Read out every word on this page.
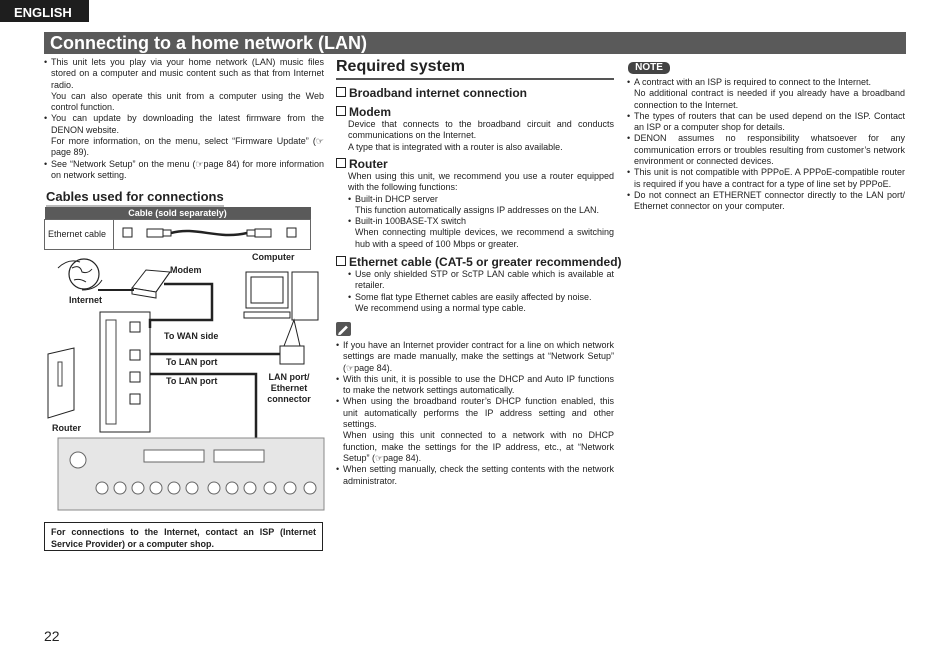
ENGLISH
Connecting to a home network (LAN)
• This unit lets you play via your home network (LAN) music files stored on a computer and music content such as that from Internet radio.
You can also operate this unit from a computer using the Web control function.
• You can update by downloading the latest firmware from the DENON website.
For more information, on the menu, select “Firmware Update” (☞page 89).
• See “Network Setup” on the menu (☞page 84) for more information on network setting.
Cables used for connections
Cable (sold separately)
Ethernet cable	
Modem
Computer
Internet
To WAN side
To LAN port
To LAN port	LAN port/ Ethernet connector
Router
For connections to the Internet, contact an ISP (Internet Service Provider) or a computer shop.
Required system
Broadband internet connection
Modem
Device that connects to the broadband circuit and conducts communications on the Internet.
A type that is integrated with a router is also available.
Router
When using this unit, we recommend you use a router equipped with the following functions:
• Built-in DHCP server
This function automatically assigns IP addresses on the LAN.
• Built-in 100BASE-TX switch
When connecting multiple devices, we recommend a switching hub with a speed of 100 Mbps or greater.
Ethernet cable (CAT-5 or greater recommended)
• Use only shielded STP or ScTP LAN cable which is available at retailer.
• Some flat type Ethernet cables are easily affected by noise.
We recommend using a normal type cable.
• If you have an Internet provider contract for a line on which network settings are made manually, make the settings at “Network Setup” (☞page 84).
• With this unit, it is possible to use the DHCP and Auto IP functions to make the network settings automatically.
• When using the broadband router’s DHCP function enabled, this unit automatically performs the IP address setting and other settings.
When using this unit connected to a network with no DHCP function, make the settings for the IP address, etc., at “Network Setup” (☞page 84).
• When setting manually, check the setting contents with the network administrator.
NOTE
• A contract with an ISP is required to connect to the Internet.
No additional contract is needed if you already have a broadband connection to the Internet.
• The types of routers that can be used depend on the ISP. Contact an ISP or a computer shop for details.
• DENON assumes no responsibility whatsoever for any communication errors or troubles resulting from customer’s network environment or connected devices.
• This unit is not compatible with PPPoE. A PPPoE-compatible router is required if you have a contract for a type of line set by PPPoE.
• Do not connect an ETHERNET connector directly to the LAN port/ Ethernet connector on your computer.
22
